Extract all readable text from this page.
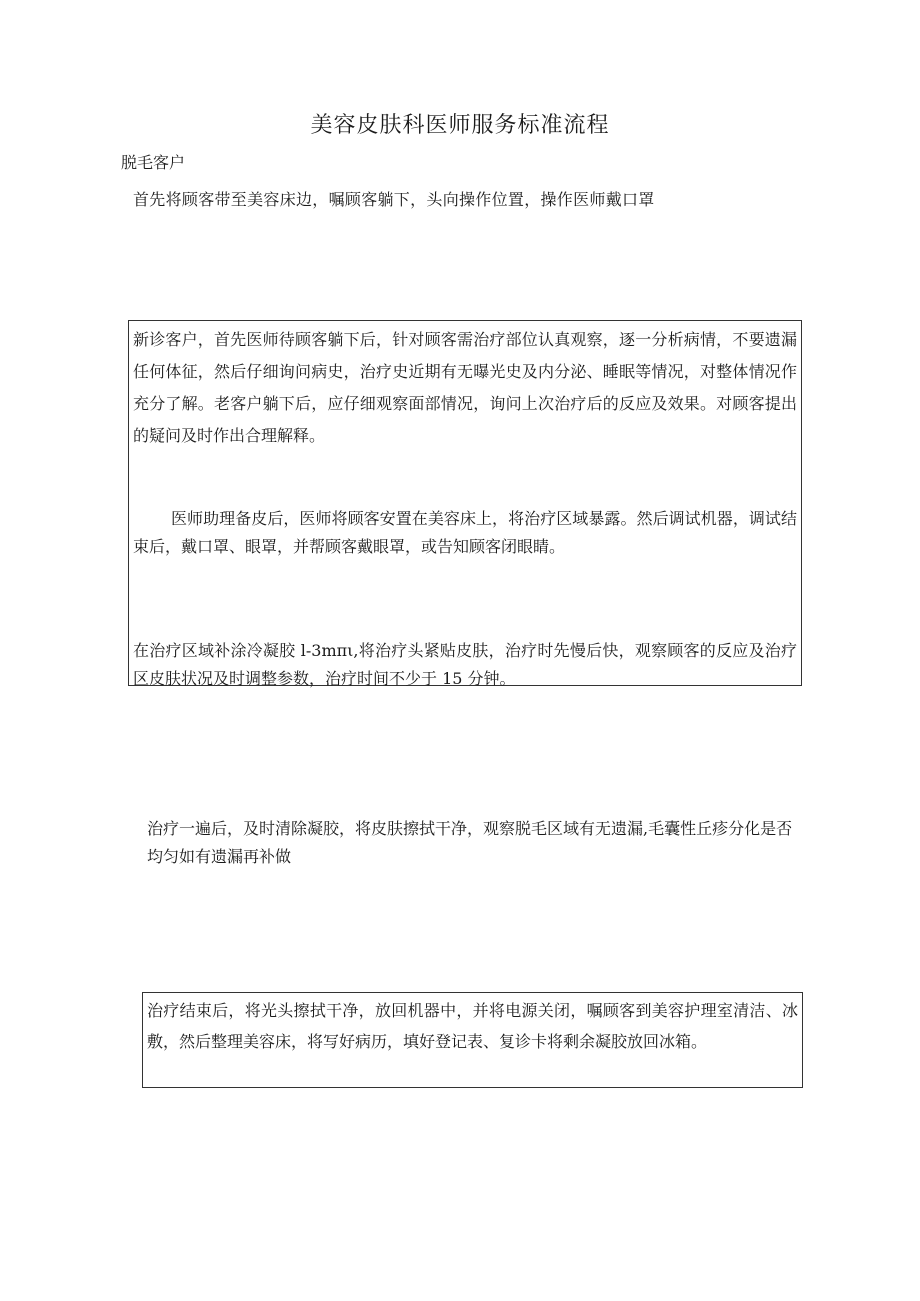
美容皮肤科医师服务标准流程
脱毛客户
首先将顾客带至美容床边，嘱顾客躺下，头向操作位置，操作医师戴口罩
新诊客户，首先医师待顾客躺下后，针对顾客需治疗部位认真观察，逐一分析病情，不要遗漏任何体征，然后仔细询问病史，治疗史近期有无曝光史及内分泌、睡眠等情况，对整体情况作充分了解。老客户躺下后，应仔细观察面部情况，询问上次治疗后的反应及效果。对顾客提出的疑问及时作出合理解释。
医师助理备皮后，医师将顾客安置在美容床上，将治疗区域暴露。然后调试机器，调试结束后，戴口罩、眼罩，并帮顾客戴眼罩，或告知顾客闭眼睛。
在治疗区域补涂冷凝胶 l-3mπι,将治疗头紧贴皮肤，治疗时先慢后快，观察顾客的反应及治疗区皮肤状况及时调整参数，治疗时间不少于 15 分钟。
治疗一遍后，及时清除凝胶，将皮肤擦拭干净，观察脱毛区域有无遗漏,毛囊性丘疹分化是否均匀如有遗漏再补做
治疗结束后，将光头擦拭干净，放回机器中，并将电源关闭，嘱顾客到美容护理室清洁、冰敷，然后整理美容床，将写好病历，填好登记表、复诊卡将剩余凝胶放回冰箱。
